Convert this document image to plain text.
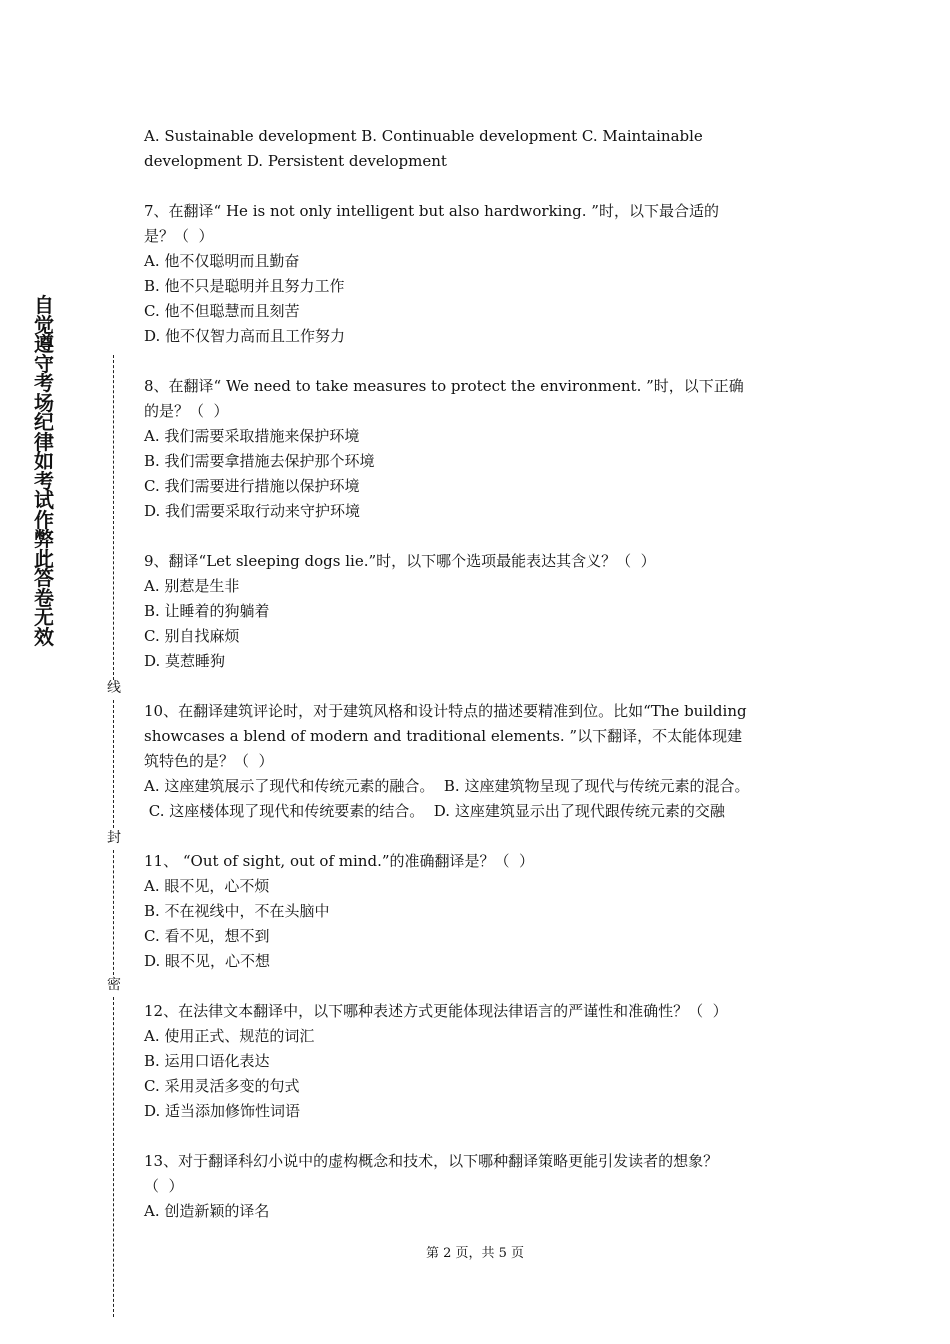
自
觉
遵
守
考
场
纪
律
如
考
试
作
弊
此
答
卷
无
效
线
封
密
A. Sustainable development B. Continuable development C. Maintainable
development D. Persistent development
7、在翻译“ He is not only intelligent but also hardworking. ”时，以下最合适的
是？（  ）
A. 他不仅聪明而且勤奋
B. 他不只是聪明并且努力工作
C. 他不但聪慧而且刻苦
D. 他不仅智力高而且工作努力
8、在翻译“ We need to take measures to protect the environment. ”时，以下正确
的是？（  ）
A. 我们需要采取措施来保护环境
B. 我们需要拿措施去保护那个环境
C. 我们需要进行措施以保护环境
D. 我们需要采取行动来守护环境
9、翻译“Let sleeping dogs lie.”时，以下哪个选项最能表达其含义？（  ）
A. 别惹是生非
B. 让睡着的狗躺着
C. 别自找麻烦
D. 莫惹睡狗
10、在翻译建筑评论时，对于建筑风格和设计特点的描述要精准到位。比如“The building
showcases a blend of modern and traditional elements. ”以下翻译，不太能体现建
筑特色的是？（  ）
A. 这座建筑展示了现代和传统元素的融合。  B. 这座建筑物呈现了现代与传统元素的混合。
C. 这座楼体现了现代和传统要素的结合。  D. 这座建筑显示出了现代跟传统元素的交融
11、 “Out of sight, out of mind.”的准确翻译是？（  ）
A. 眼不见，心不烦
B. 不在视线中，不在头脑中
C. 看不见，想不到
D. 眼不见，心不想
12、在法律文本翻译中，以下哪种表述方式更能体现法律语言的严谨性和准确性？（  ）
A. 使用正式、规范的词汇
B. 运用口语化表达
C. 采用灵活多变的句式
D. 适当添加修饰性词语
13、对于翻译科幻小说中的虚构概念和技术，以下哪种翻译策略更能引发读者的想象？
（  ）
A. 创造新颖的译名
第 2 页，共 5 页
